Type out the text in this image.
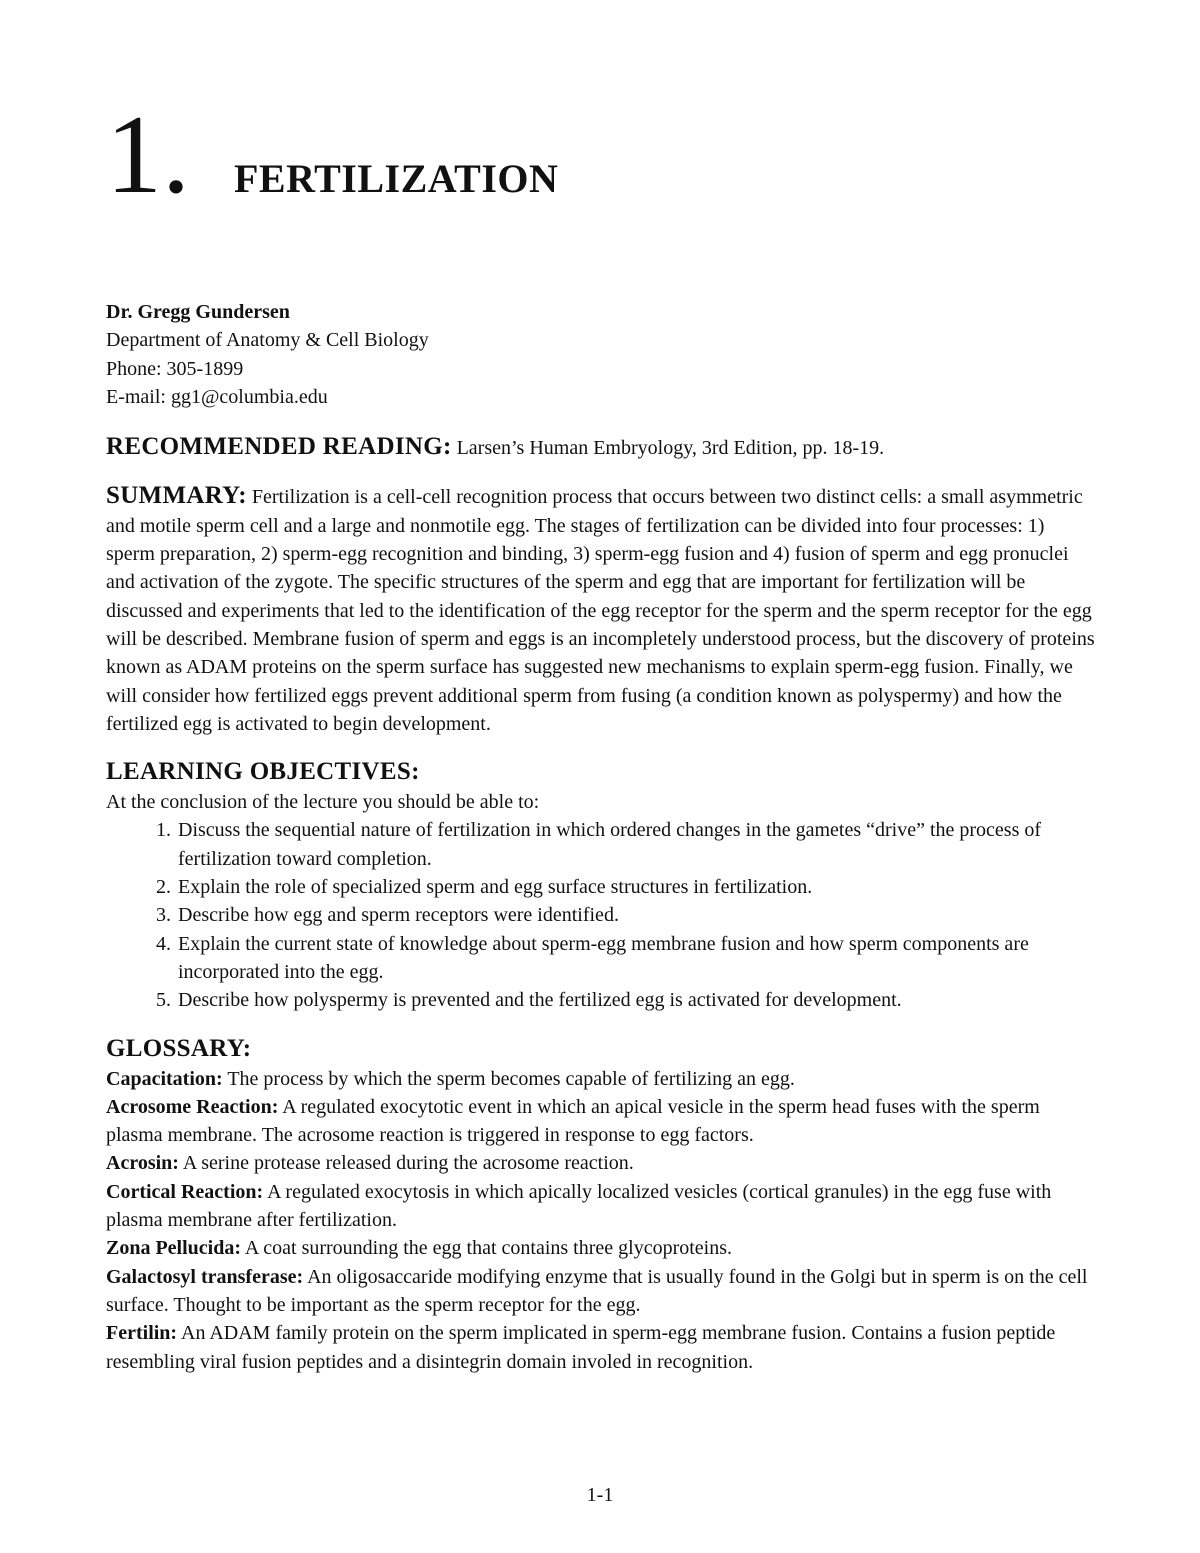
1. FERTILIZATION

Dr. Gregg Gundersen

Department of Anatomy & Cell Biology

Phone: 305-1899

E-mail: gg1@columbia.edu

RECOMMENDED READING: Larsen’s Human Embryology, 3rd Edition, pp. 18-19.

SUMMARY: Fertilization is a cell-cell recognition process that occurs between two distinct cells: a small asymmetric and motile sperm cell and a large and nonmotile egg. The stages of fertilization can be divided into four processes: 1) sperm preparation, 2) sperm-egg recognition and binding, 3) sperm-egg fusion and 4) fusion of sperm and egg pronuclei and activation of the zygote. The specific structures of the sperm and egg that are important for fertilization will be discussed and experiments that led to the identification of the egg receptor for the sperm and the sperm receptor for the egg will be described. Membrane fusion of sperm and eggs is an incompletely understood process, but the discovery of proteins known as ADAM proteins on the sperm surface has suggested new mechanisms to explain sperm-egg fusion. Finally, we will consider how fertilized eggs prevent additional sperm from fusing (a condition known as polyspermy) and how the fertilized egg is activated to begin development.

LEARNING OBJECTIVES:

At the conclusion of the lecture you should be able to:

1. Discuss the sequential nature of fertilization in which ordered changes in the gametes “drive” the process of fertilization toward completion.
2. Explain the role of specialized sperm and egg surface structures in fertilization.
3. Describe how egg and sperm receptors were identified.
4. Explain the current state of knowledge about sperm-egg membrane fusion and how sperm components are incorporated into the egg.
5. Describe how polyspermy is prevented and the fertilized egg is activated for development.
GLOSSARY:

Capacitation: The process by which the sperm becomes capable of fertilizing an egg.

Acrosome Reaction: A regulated exocytotic event in which an apical vesicle in the sperm head fuses with the sperm plasma membrane. The acrosome reaction is triggered in response to egg factors.

Acrosin: A serine protease released during the acrosome reaction.

Cortical Reaction: A regulated exocytosis in which apically localized vesicles (cortical granules) in the egg fuse with plasma membrane after fertilization.

Zona Pellucida: A coat surrounding the egg that contains three glycoproteins.

Galactosyl transferase: An oligosaccaride modifying enzyme that is usually found in the Golgi but in sperm is on the cell surface. Thought to be important as the sperm receptor for the egg.

Fertilin: An ADAM family protein on the sperm implicated in sperm-egg membrane fusion. Contains a fusion peptide resembling viral fusion peptides and a disintegrin domain involed in recognition.

1-1
